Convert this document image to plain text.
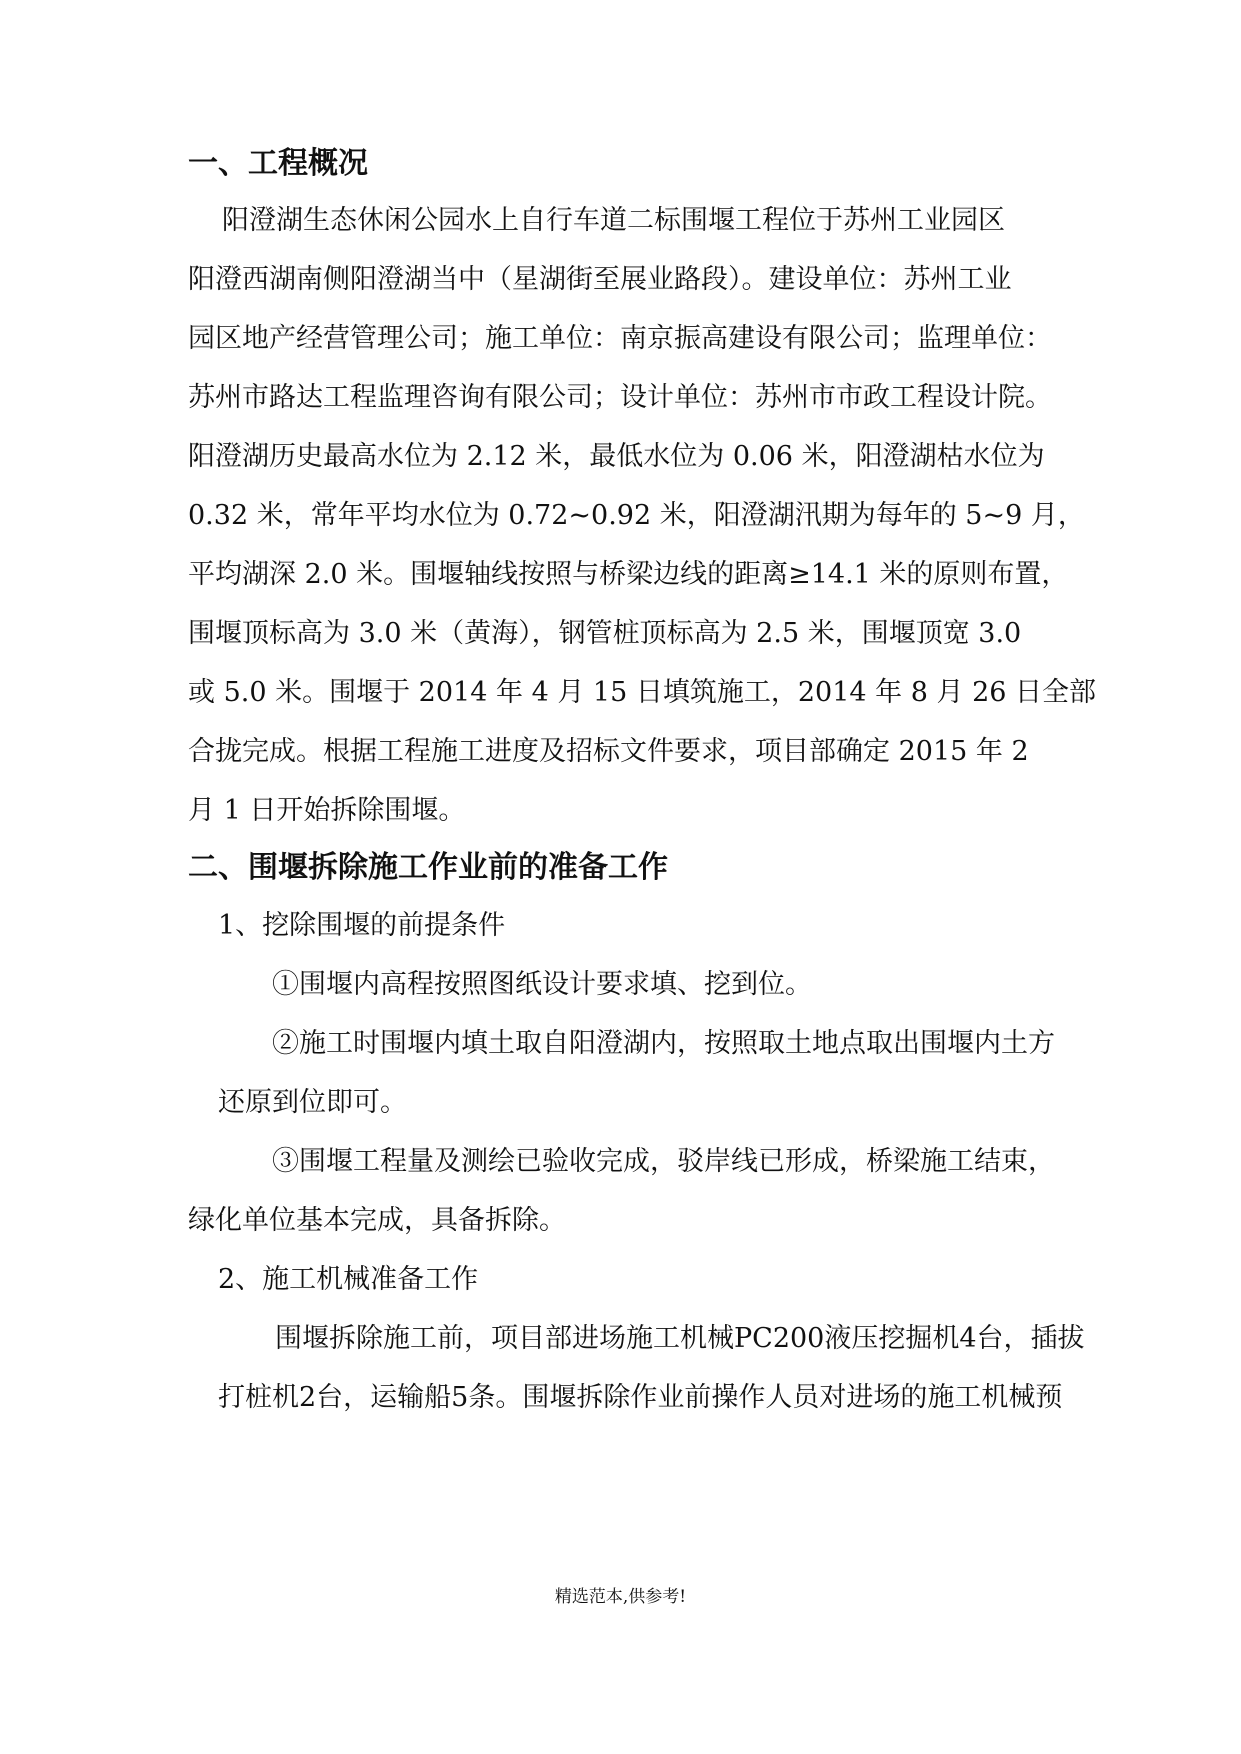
一、工程概况
阳澄湖生态休闲公园水上自行车道二标围堰工程位于苏州工业园区
阳澄西湖南侧阳澄湖当中（星湖街至展业路段）。建设单位：苏州工业
园区地产经营管理公司；施工单位：南京振高建设有限公司；监理单位：
苏州市路达工程监理咨询有限公司；设计单位：苏州市市政工程设计院。
阳澄湖历史最高水位为 2.12 米，最低水位为 0.06 米，阳澄湖枯水位为
0.32 米，常年平均水位为 0.72~0.92 米，阳澄湖汛期为每年的 5~9 月，
平均湖深 2.0 米。围堰轴线按照与桥梁边线的距离≥14.1 米的原则布置，
围堰顶标高为 3.0 米（黄海），钢管桩顶标高为 2.5 米，围堰顶宽 3.0
或 5.0 米。围堰于 2014 年 4 月 15 日填筑施工，2014 年 8 月 26 日全部
合拢完成。根据工程施工进度及招标文件要求，项目部确定 2015 年 2
月 1 日开始拆除围堰。
二、围堰拆除施工作业前的准备工作
1、挖除围堰的前提条件
①围堰内高程按照图纸设计要求填、挖到位。
②施工时围堰内填土取自阳澄湖内，按照取土地点取出围堰内土方
还原到位即可。
③围堰工程量及测绘已验收完成，驳岸线已形成，桥梁施工结束，
绿化单位基本完成，具备拆除。
2、施工机械准备工作
围堰拆除施工前，项目部进场施工机械PC200液压挖掘机4台，插拔
打桩机2台，运输船5条。围堰拆除作业前操作人员对进场的施工机械预
精选范本,供参考!
